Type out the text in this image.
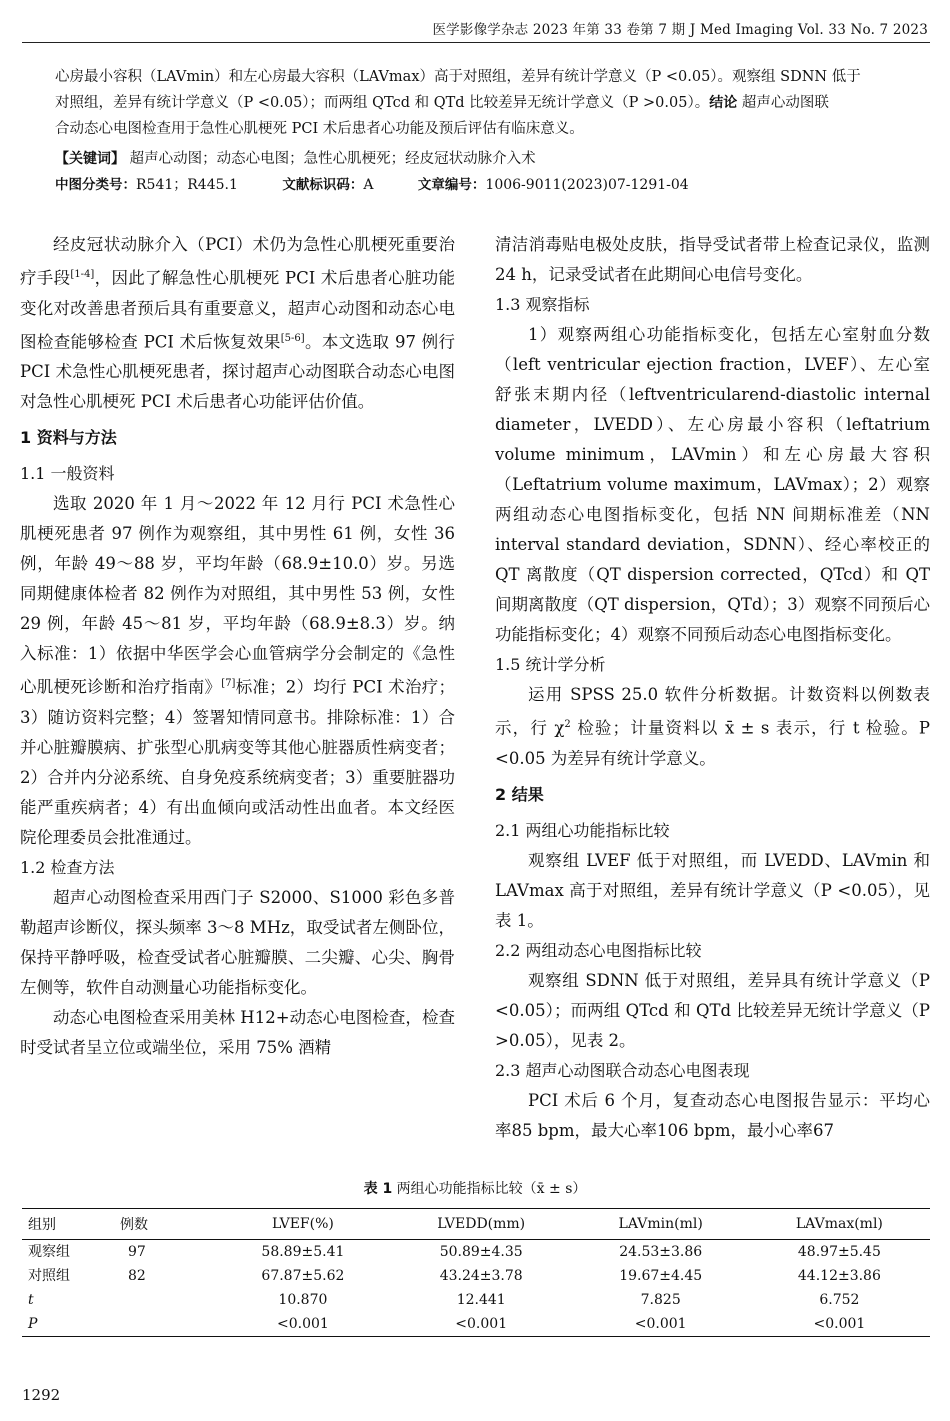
医学影像学杂志 2023 年第 33 卷第 7 期 J Med Imaging Vol. 33 No. 7 2023
心房最小容积（LAVmin）和左心房最大容积（LAVmax）高于对照组，差异有统计学意义（P <0.05）。观察组 SDNN 低于
对照组，差异有统计学意义（P <0.05）；而两组 QTcd 和 QTd 比较差异无统计学意义（P >0.05）。结论 超声心动图联
合动态心电图检查用于急性心肌梗死 PCI 术后患者心功能及预后评估有临床意义。
【关键词】 超声心动图；动态心电图；急性心肌梗死；经皮冠状动脉介入术
中图分类号：R541；R445.1	文献标识码：A	文章编号：1006-9011(2023)07-1291-04

经皮冠状动脉介入（PCI）术仍为急性心肌梗死重要治疗手段[1-4]，因此了解急性心肌梗死 PCI 术后患者心脏功能变化对改善患者预后具有重要意义，超声心动图和动态心电图检查能够检查 PCI 术后恢复效果[5-6]。本文选取 97 例行 PCI 术急性心肌梗死患者，探讨超声心动图联合动态心电图对急性心肌梗死 PCI 术后患者心功能评估价值。

1 资料与方法
1.1 一般资料

选取 2020 年 1 月～2022 年 12 月行 PCI 术急性心肌梗死患者 97 例作为观察组，其中男性 61 例，女性 36 例，年龄 49～88 岁，平均年龄（68.9±10.0）岁。另选同期健康体检者 82 例作为对照组，其中男性 53 例，女性 29 例，年龄 45～81 岁，平均年龄（68.9±8.3）岁。纳入标准：1）依据中华医学会心血管病学分会制定的《急性心肌梗死诊断和治疗指南》[7]标准；2）均行 PCI 术治疗；3）随访资料完整；4）签署知情同意书。排除标准：1）合并心脏瓣膜病、扩张型心肌病变等其他心脏器质性病变者；2）合并内分泌系统、自身免疫系统病变者；3）重要脏器功能严重疾病者；4）有出血倾向或活动性出血者。本文经医院伦理委员会批准通过。

1.2 检查方法

超声心动图检查采用西门子 S2000、S1000 彩色多普勒超声诊断仪，探头频率 3～8 MHz，取受试者左侧卧位，保持平静呼吸，检查受试者心脏瓣膜、二尖瓣、心尖、胸骨左侧等，软件自动测量心功能指标变化。

动态心电图检查采用美林 H12+动态心电图检查，检查时受试者呈立位或端坐位，采用 75% 酒精

清洁消毒贴电极处皮肤，指导受试者带上检查记录仪，监测 24 h，记录受试者在此期间心电信号变化。
1.3 观察指标

1）观察两组心功能指标变化，包括左心室射血分数（left ventricular ejection fraction，LVEF）、左心室舒张末期内径（leftventricularend-diastolic internal diameter，LVEDD）、左心房最小容积（leftatrium volume minimum，LAVmin）和左心房最大容积（Leftatrium volume maximum，LAVmax）；2）观察两组动态心电图指标变化，包括 NN 间期标准差（NN interval standard deviation，SDNN）、经心率校正的 QT 离散度（QT dispersion corrected，QTcd）和 QT 间期离散度（QT dispersion，QTd）；3）观察不同预后心功能指标变化；4）观察不同预后动态心电图指标变化。

1.5 统计学分析

运用 SPSS 25.0 软件分析数据。计数资料以例数表示，行 $\chi^2$ 检验；计量资料以 x̄ ± s 表示，行 t 检验。P <0.05 为差异有统计学意义。

2 结果
2.1 两组心功能指标比较

观察组 LVEF 低于对照组，而 LVEDD、LAVmin 和 LAVmax 高于对照组，差异有统计学意义（P <0.05），见表 1。

2.2 两组动态心电图指标比较

观察组 SDNN 低于对照组，差异具有统计学意义（P <0.05）；而两组 QTcd 和 QTd 比较差异无统计学意义（P >0.05），见表 2。

2.3 超声心动图联合动态心电图表现

PCI 术后 6 个月，复查动态心电图报告显示：平均心率85 bpm，最大心率106 bpm，最小心率67

表 1 两组心功能指标比较（x̄ ± s）
组别	例数	LVEF(%)	LVEDD(mm)	LAVmin(ml)	LAVmax(ml)
观察组	97	58.89±5.41	50.89±4.35	24.53±3.86	48.97±5.45
对照组	82	67.87±5.62	43.24±3.78	19.67±4.45	44.12±3.86
t		10.870	12.441	7.825	6.752
P		<0.001	<0.001	<0.001	<0.001
1292
